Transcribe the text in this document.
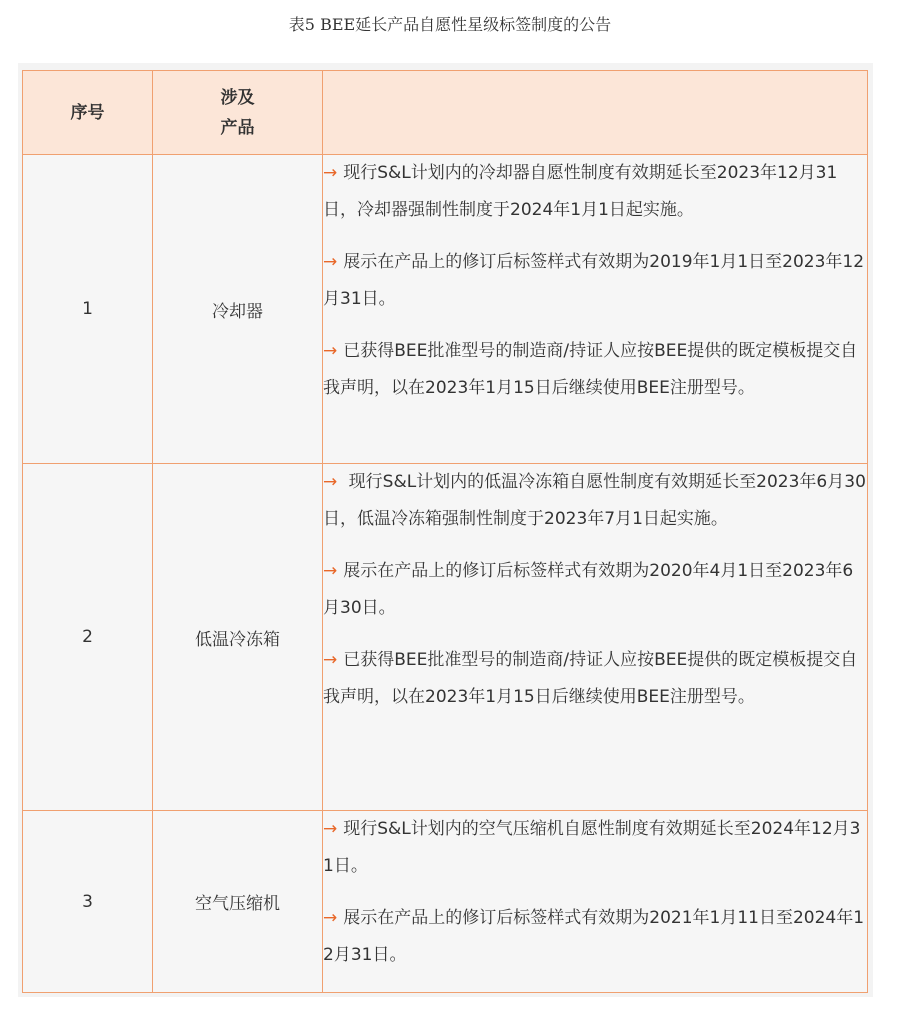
表5 BEE延长产品自愿性星级标签制度的公告
序号	涉及
产品	

1	冷却器	→ 现行S&L计划内的冷却器自愿性制度有效期延长至2023年12月31日，冷却器强制性制度于2024年1月1日起实施。

→ 展示在产品上的修订后标签样式有效期为2019年1月1日至2023年12月31日。

→ 已获得BEE批准型号的制造商/持证人应按BEE提供的既定模板提交自我声明，以在2023年1月15日后继续使用BEE注册型号。

2	低温冷冻箱	→ 现行S&L计划内的低温冷冻箱自愿性制度有效期延长至2023年6月30日，低温冷冻箱强制性制度于2023年7月1日起实施。

→ 展示在产品上的修订后标签样式有效期为2020年4月1日至2023年6月30日。

→ 已获得BEE批准型号的制造商/持证人应按BEE提供的既定模板提交自我声明，以在2023年1月15日后继续使用BEE注册型号。

3	空气压缩机	→ 现行S&L计划内的空气压缩机自愿性制度有效期延长至2024年12月31日。

→ 展示在产品上的修订后标签样式有效期为2021年1月11日至2024年12月31日。
